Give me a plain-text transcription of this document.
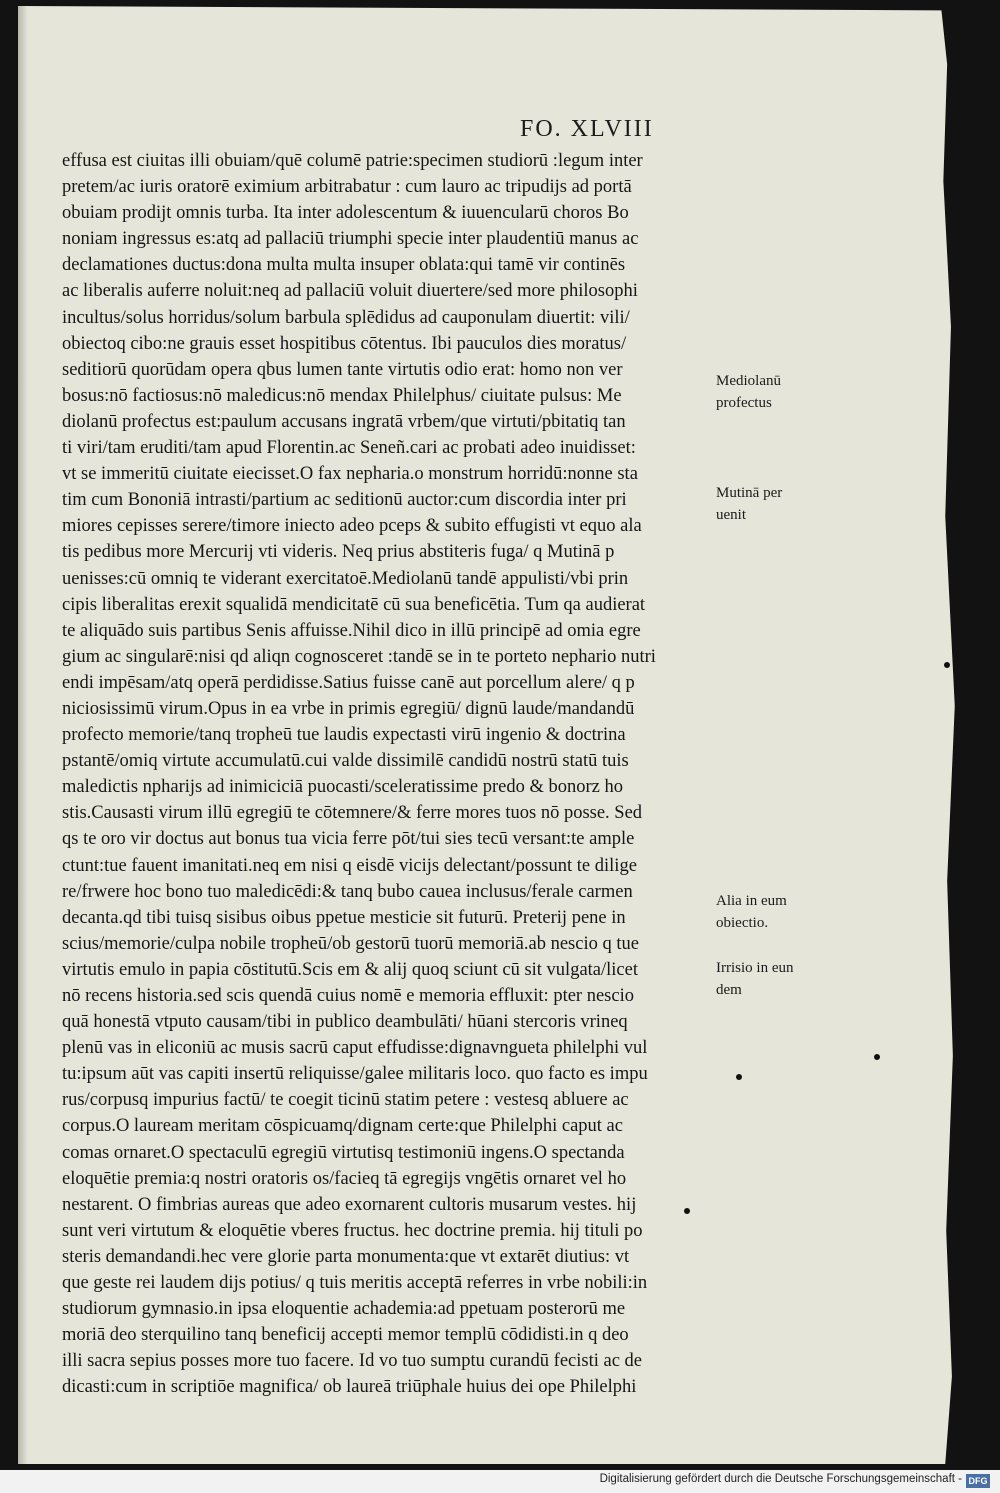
FO. XLVIII
effusa est ciuitas illi obuiam/quē columē patrie:specimen studiorū :legum inter
pretem/ac iuris oratorē eximium arbitrabatur : cum lauro ac tripudijs ad portā
obuiam prodijt omnis turba. Ita inter adolescentum & iuuencularū choros Bo
noniam ingressus es:atq ad pallaciū triumphi specie inter plaudentiū manus ac
declamationes ductus:dona multa multa insuper oblata:qui tamē vir continēs
ac liberalis auferre noluit:neq ad pallaciū voluit diuertere/sed more philosophi
incultus/solus horridus/solum barbula splēdidus ad cauponulam diuertit: vili/
obiectoq cibo:ne grauis esset hospitibus cōtentus. Ibi pauculos dies moratus/
seditiorū quorūdam opera qbus lumen tante virtutis odio erat: homo non ver
bosus:nō factiosus:nō maledicus:nō mendax Philelphus/ ciuitate pulsus: Me
diolanū profectus est:paulum accusans ingratā vrbem/que virtuti/pbitatiq tan
ti viri/tam eruditi/tam apud Florentin.ac Seneñ.cari ac probati adeo inuidisset:
vt se immeritū ciuitate eiecisset.O fax nepharia.o monstrum horridū:nonne sta
tim cum Bononiā intrasti/partium ac seditionū auctor:cum discordia inter pri
miores cepisses serere/timore iniecto adeo pceps & subito effugisti vt equo ala
tis pedibus more Mercurij vti videris. Neq prius abstiteris fuga/ q Mutinā p
uenisses:cū omniq te viderant exercitatoē.Mediolanū tandē appulisti/vbi prin
cipis liberalitas erexit squalidā mendicitatē cū sua beneficētia. Tum qa audierat
te aliquādo suis partibus Senis affuisse.Nihil dico in illū principē ad omia egre
gium ac singularē:nisi qd aliqn cognosceret :tandē se in te porteto nephario nutri
endi impēsam/atq operā perdidisse.Satius fuisse canē aut porcellum alere/ q p
niciosissimū virum.Opus in ea vrbe in primis egregiū/ dignū laude/mandandū
profecto memorie/tanq tropheū tue laudis expectasti virū ingenio & doctrina
pstantē/omiq virtute accumulatū.cui valde dissimilē candidū nostrū statū tuis
maledictis npharijs ad inimiciciā puocasti/sceleratissime predo & bonorz ho
stis.Causasti virum illū egregiū te cōtemnere/& ferre mores tuos nō posse. Sed
qs te oro vir doctus aut bonus tua vicia ferre pōt/tui sies tecū versant:te ample
ctunt:tue fauent imanitati.neq em nisi q eisdē vicijs delectant/possunt te dilige
re/frwere hoc bono tuo maledicēdi:& tanq bubo cauea inclusus/ferale carmen
decanta.qd tibi tuisq sisibus oibus ppetue mesticie sit futurū. Preterij pene in
scius/memorie/culpa nobile tropheū/ob gestorū tuorū memoriā.ab nescio q tue
virtutis emulo in papia cōstitutū.Scis em & alij quoq sciunt cū sit vulgata/licet
nō recens historia.sed scis quendā cuius nomē e memoria effluxit: pter nescio
quā honestā vtputo causam/tibi in publico deambulāti/ hūani stercoris vrineq
plenū vas in eliconiū ac musis sacrū caput effudisse:dignavngueta philelphi vul
tu:ipsum aūt vas capiti insertū reliquisse/galee militaris loco. quo facto es impu
rus/corpusq impurius factū/ te coegit ticinū statim petere : vestesq abluere ac
corpus.O lauream meritam cōspicuamq/dignam certe:que Philelphi caput ac
comas ornaret.O spectaculū egregiū virtutisq testimoniū ingens.O spectanda
eloquētie premia:q nostri oratoris os/facieq tā egregijs vngētis ornaret vel ho
nestarent. O fimbrias aureas que adeo exornarent cultoris musarum vestes. hij
sunt veri virtutum & eloquētie vberes fructus. hec doctrine premia. hij tituli po
steris demandandi.hec vere glorie parta monumenta:que vt extarēt diutius: vt
que geste rei laudem dijs potius/ q tuis meritis acceptā referres in vrbe nobili:in
studiorum gymnasio.in ipsa eloquentie achademia:ad ppetuam posterorū me
moriā deo sterquilino tanq beneficij accepti memor templū cōdidisti.in q deo
illi sacra sepius posses more tuo facere. Id vo tuo sumptu curandū fecisti ac de
dicasti:cum in scriptiōe magnifica/ ob laureā triūphale huius dei ope Philelphi
Mediolanū
profectus
Mutinā per
uenit
Alia in eum
obiectio.
Irrisio in eun
dem
Digitalisierung gefördert durch die Deutsche Forschungsgemeinschaft - DFG
